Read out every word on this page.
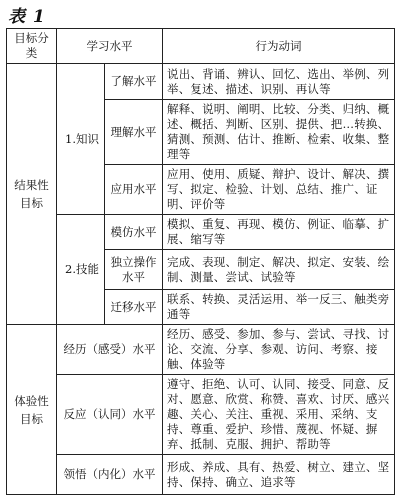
表 1
目标分类	学习水平		行为动词
结果性目标	1.知识	了解水平	说出、背诵、辨认、回忆、选出、举例、列举、复述、描述、识别、再认等
		理解水平	解释、说明、阐明、比较、分类、归纳、概述、概括、判断、区别、提供、把…转换、猜测、预测、估计、推断、检索、收集、整理等
		应用水平	应用、使用、质疑、辩护、设计、解决、撰写、拟定、检验、计划、总结、推广、证明、评价等
	2.技能	模仿水平	模拟、重复、再现、模仿、例证、临摹、扩展、缩写等
		独立操作水平	完成、表现、制定、解决、拟定、安装、绘制、测量、尝试、试验等
		迁移水平	联系、转换、灵活运用、举一反三、触类旁通等
体验性目标	经历（感受）水平		经历、感受、参加、参与、尝试、寻找、讨论、交流、分享、参观、访问、考察、接触、体验等
	反应（认同）水平		遵守、拒绝、认可、认同、接受、同意、反对、愿意、欣赏、称赞、喜欢、讨厌、感兴趣、关心、关注、重视、采用、采纳、支持、尊重、爱护、珍惜、蔑视、怀疑、摒弃、抵制、克服、拥护、帮助等
	领悟（内化）水平		形成、养成、具有、热爱、树立、建立、坚持、保持、确立、追求等
